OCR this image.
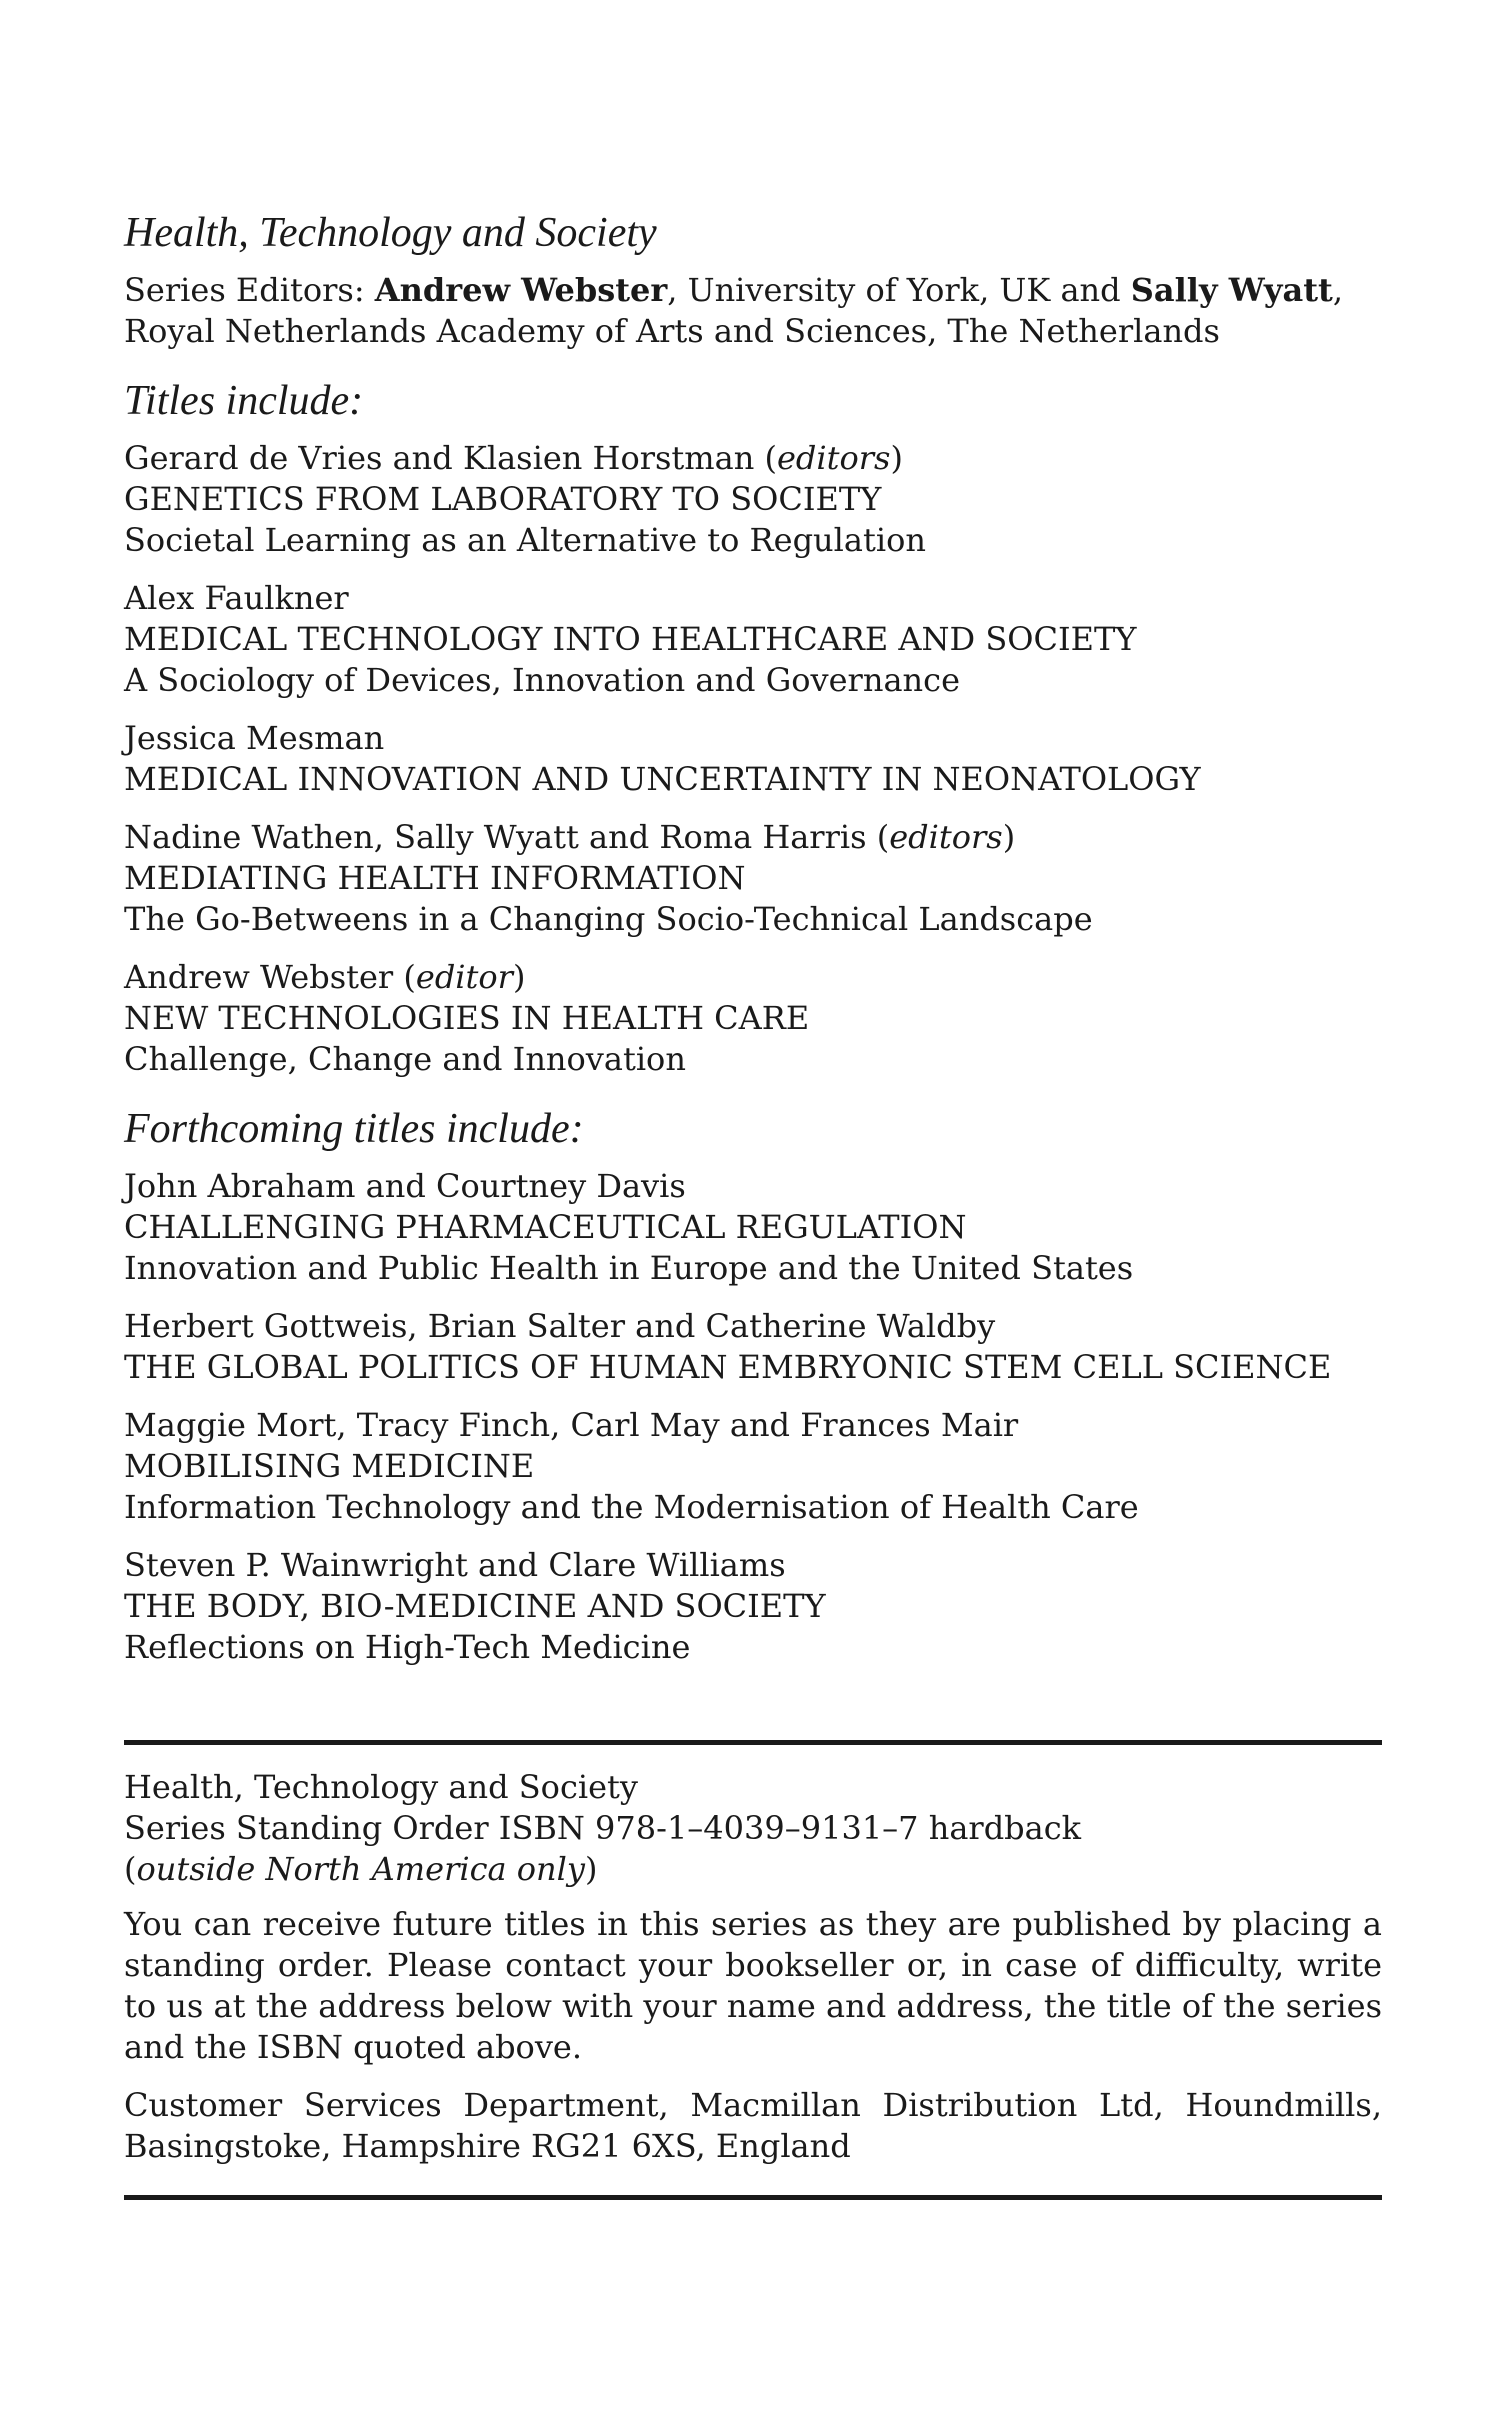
Health, Technology and Society
Series Editors: Andrew Webster, University of York, UK and Sally Wyatt,
Royal Netherlands Academy of Arts and Sciences, The Netherlands
Titles include:
Gerard de Vries and Klasien Horstman (editors)
GENETICS FROM LABORATORY TO SOCIETY
Societal Learning as an Alternative to Regulation
Alex Faulkner
MEDICAL TECHNOLOGY INTO HEALTHCARE AND SOCIETY
A Sociology of Devices, Innovation and Governance
Jessica Mesman
MEDICAL INNOVATION AND UNCERTAINTY IN NEONATOLOGY
Nadine Wathen, Sally Wyatt and Roma Harris (editors)
MEDIATING HEALTH INFORMATION
The Go-Betweens in a Changing Socio-Technical Landscape
Andrew Webster (editor)
NEW TECHNOLOGIES IN HEALTH CARE
Challenge, Change and Innovation
Forthcoming titles include:
John Abraham and Courtney Davis
CHALLENGING PHARMACEUTICAL REGULATION
Innovation and Public Health in Europe and the United States
Herbert Gottweis, Brian Salter and Catherine Waldby
THE GLOBAL POLITICS OF HUMAN EMBRYONIC STEM CELL SCIENCE
Maggie Mort, Tracy Finch, Carl May and Frances Mair
MOBILISING MEDICINE
Information Technology and the Modernisation of Health Care
Steven P. Wainwright and Clare Williams
THE BODY, BIO-MEDICINE AND SOCIETY
Reflections on High-Tech Medicine
Health, Technology and Society
Series Standing Order ISBN 978-1–4039–9131–7 hardback
(outside North America only)
You can receive future titles in this series as they are published by placing a standing order. Please contact your bookseller or, in case of difficulty, write to us at the address below with your name and address, the title of the series and the ISBN quoted above.
Customer Services Department, Macmillan Distribution Ltd, Houndmills, Basingstoke, Hampshire RG21 6XS, England
